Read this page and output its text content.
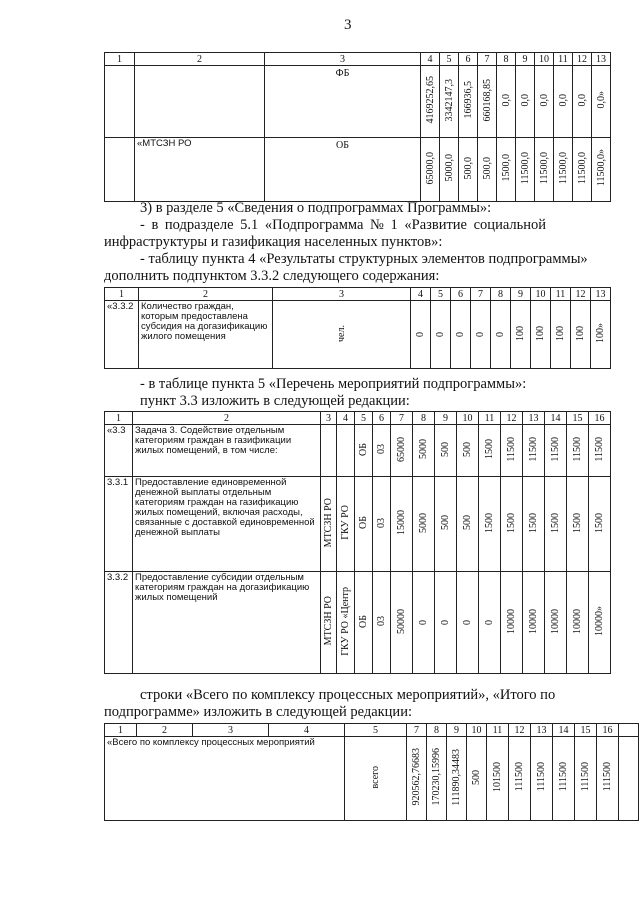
3
1	2	3	4	5	6	7	8	9	10	11	12	13
		ФБ	4169252,65	3342147,3	166936,5	660168,85	0,0	0,0	0,0	0,0	0,0	0,0»
	«МТСЗН РО	ОБ	65000,0	5000,0	500,0	500,0	1500,0	11500,0	11500,0	11500,0	11500,0	11500,0»

3) в разделе 5 «Сведения о подпрограммах Программы»:

- в подразделе 5.1 «Подпрограмма № 1 «Развитие социальной

инфраструктуры и газификация населенных пунктов»:

- таблицу пункта 4 «Результаты структурных элементов подпрограммы»

дополнить подпунктом 3.3.2 следующего содержания:

1	2	3	4	5	6	7	8	9	10	11	12	13
«3.3.2	Количество граждан, которым предоставлена субсидия на догазификацию жилого помещения	чел.	0	0	0	0	0	100	100	100	100	100»

- в таблице пункта 5 «Перечень мероприятий подпрограммы»:

пункт 3.3 изложить в следующей редакции:

1	2	3	4	5	6	7	8	9	10	11	12	13	14	15	16
«3.3	Задача 3. Содействие отдельным категориям граждан в газификации жилых помещений, в том числе:			ОБ	03	65000	5000	500	500	1500	11500	11500	11500	11500	11500
3.3.1	Предоставление единовременной денежной выплаты отдельным категориям граждан на газификацию жилых помещений, включая расходы, связанные с доставкой единовременной денежной выплаты	МТСЗН РО	ГКУ РО	ОБ	03	15000	5000	500	500	1500	1500	1500	1500	1500	1500
3.3.2	Предоставление субсидии отдельным категориям граждан на догазификацию жилых помещений	МТСЗН РО	ГКУ РО «Центр	ОБ	03	50000	0	0	0	0	10000	10000	10000	10000	10000»

строки «Всего по комплексу процессных мероприятий», «Итого по

подпрограмме» изложить в следующей редакции:

1	2	3	4	5	7	8	9	10	11	12	13	14	15	16	
«Всего по комплексу процессных мероприятий				всего	920562,76683	170230,15996	111890,34483	500	101500	111500	111500	111500	111500	111500	
